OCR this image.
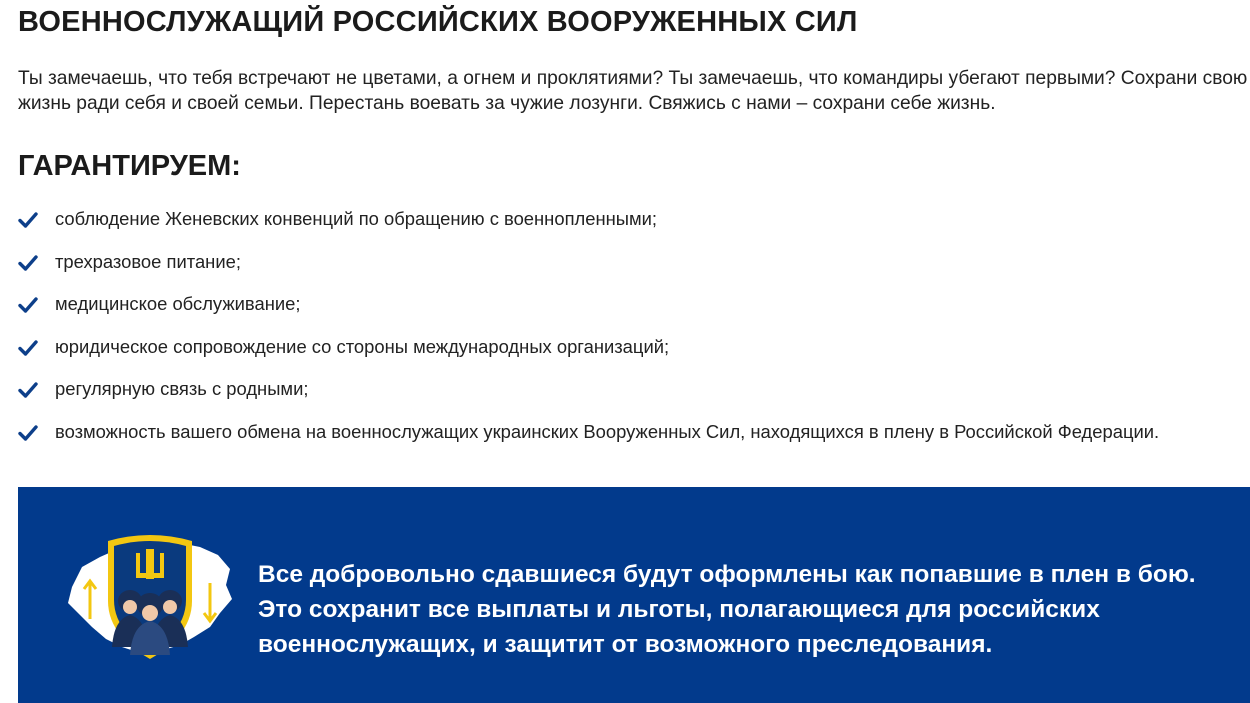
ВОЕННОСЛУЖАЩИЙ РОССИЙСКИХ ВООРУЖЕННЫХ СИЛ

Ты замечаешь, что тебя встречают не цветами, а огнем и проклятиями? Ты замечаешь, что командиры убегают первыми? Сохрани свою жизнь ради себя и своей семьи. Перестань воевать за чужие лозунги. Свяжись с нами – сохрани себе жизнь.

ГАРАНТИРУЕМ:
соблюдение Женевских конвенций по обращению с военнопленными;
трехразовое питание;
медицинское обслуживание;
юридическое сопровождение со стороны международных организаций;
регулярную связь с родными;
возможность вашего обмена на военнослужащих украинских Вооруженных Сил, находящихся в плену в Российской Федерации.

Все добровольно сдавшиеся будут оформлены как попавшие в плен в бою. Это сохранит все выплаты и льготы, полагающиеся для российских военнослужащих, и защитит от возможного преследования.
